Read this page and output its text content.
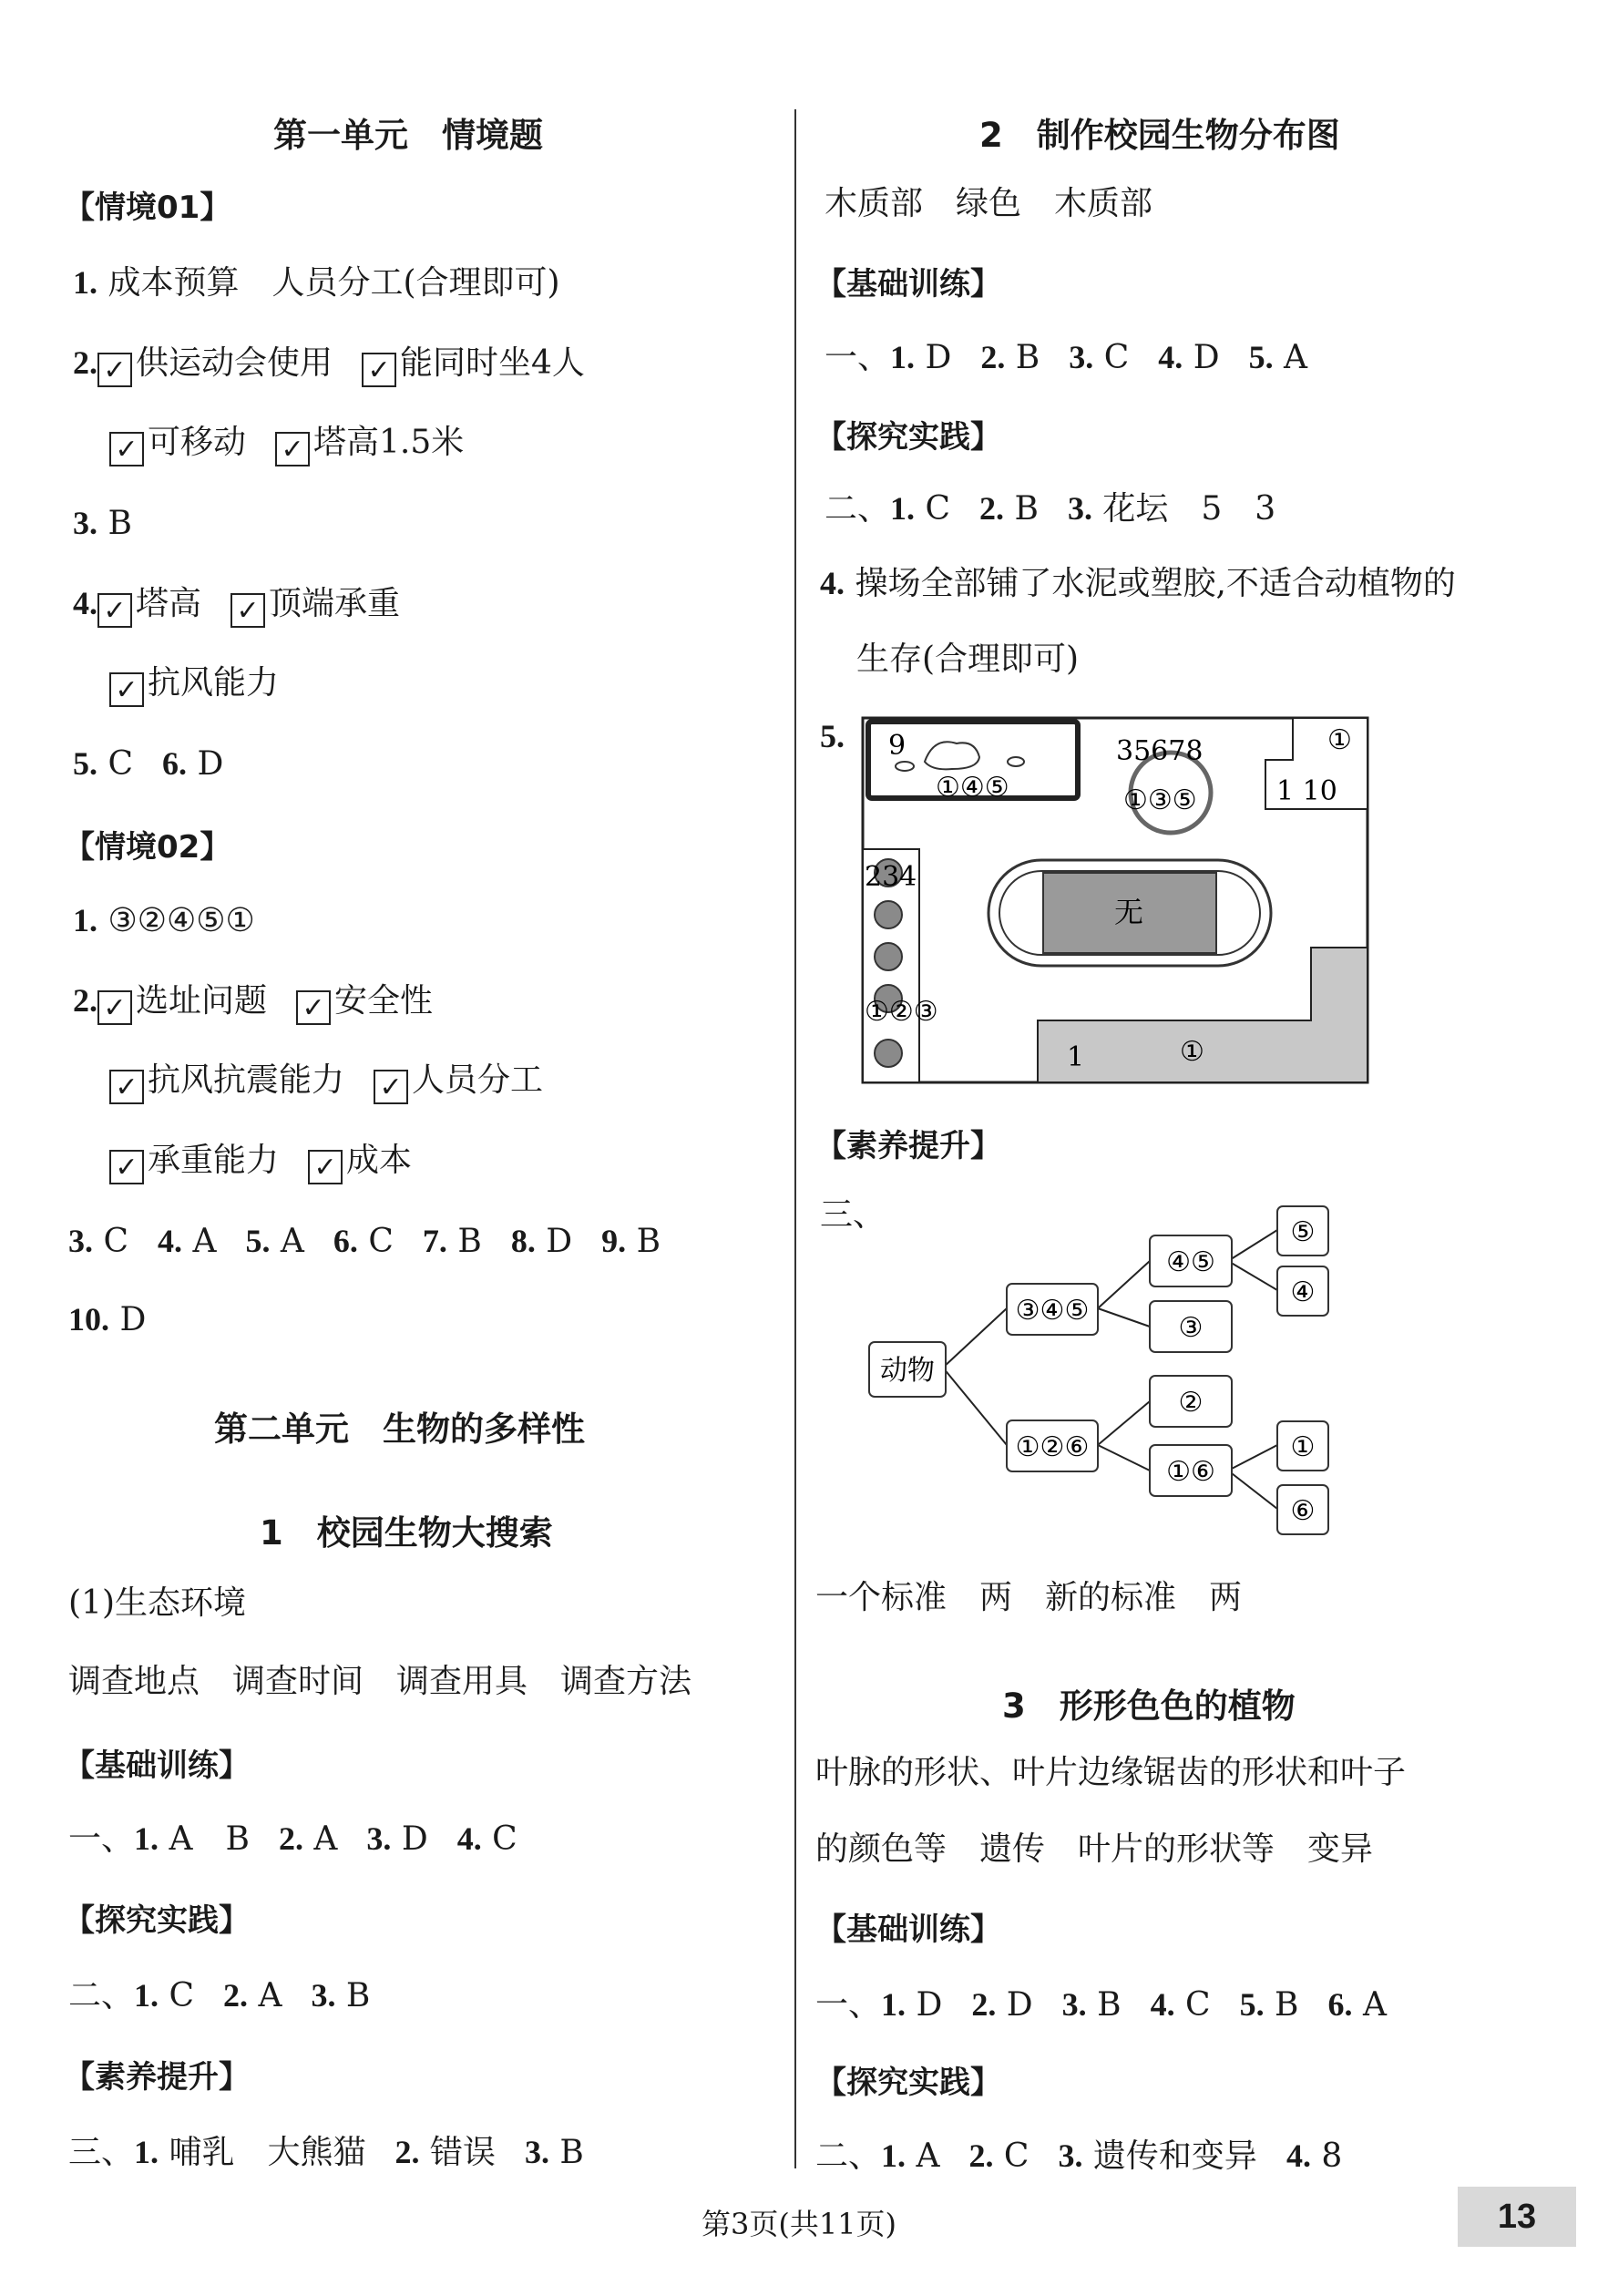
第一单元　情境题
【情境01】
1. 成本预算　人员分工(合理即可)
2. ✓ 供运动会使用 ✓ 能同时坐4人
✓ 可移动 ✓ 塔高1.5米
3. B
4. ✓ 塔高 ✓ 顶端承重
✓ 抗风能力
5. C 6. D
【情境02】
1. ③②④⑤①
2. ✓ 选址问题 ✓ 安全性
✓ 抗风抗震能力 ✓ 人员分工
✓ 承重能力 ✓ 成本
3. C 4. A 5. A 6. C 7. B 8. D 9. B
10. D
第二单元　生物的多样性
1　校园生物大搜索
(1)生态环境
调查地点　调查时间　调查用具　调查方法
【基础训练】
一、1. A　B 2. A 3. D 4. C
【探究实践】
二、1. C 2. A 3. B
【素养提升】
三、1. 哺乳　大熊猫 2. 错误 3. B
2　制作校园生物分布图
木质部　绿色　木质部
【基础训练】
一、1. D 2. B 3. C 4. D 5. A
【探究实践】
二、1. C 2. B 3. 花坛　5　3
4. 操场全部铺了水泥或塑胶,不适合动植物的
生存(合理即可)
5. 9
①④⑤
35678
①③⑤
①
1 10
234
①②③
无
1	①
【素养提升】
三、
动物
③④⑤
①②⑥
④⑤
③
②
①⑥
⑤
④
①
⑥
一个标准　两　新的标准　两
3　形形色色的植物
叶脉的形状、叶片边缘锯齿的形状和叶子
的颜色等　遗传　叶片的形状等　变异
【基础训练】
一、1. D 2. D 3. B 4. C 5. B 6. A
【探究实践】
二、1. A 2. C 3. 遗传和变异 4. 8
第3页(共11页)	13
